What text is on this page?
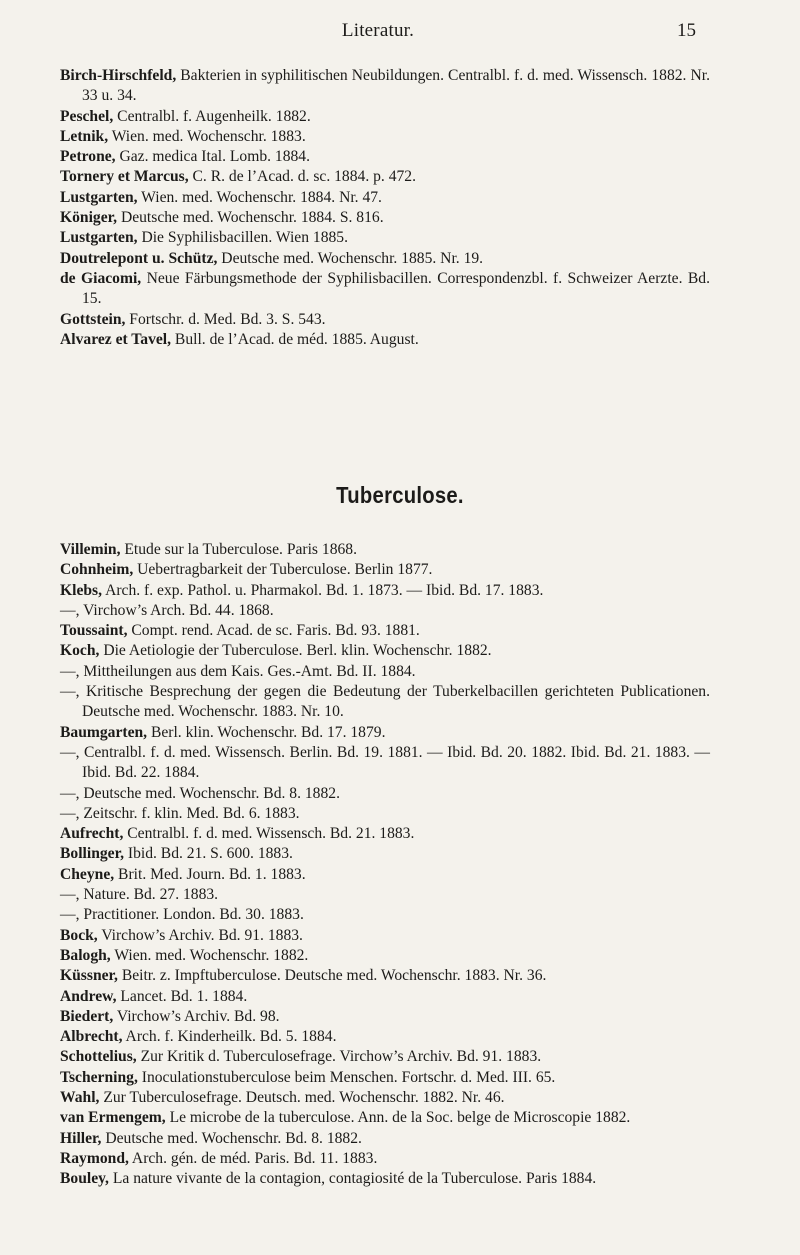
Literatur.	15
Birch-Hirschfeld, Bakterien in syphilitischen Neubildungen. Centralbl. f. d. med. Wissensch. 1882. Nr. 33 u. 34.
Peschel, Centralbl. f. Augenheilk. 1882.
Letnik, Wien. med. Wochenschr. 1883.
Petrone, Gaz. medica Ital. Lomb. 1884.
Tornery et Marcus, C. R. de l’Acad. d. sc. 1884. p. 472.
Lustgarten, Wien. med. Wochenschr. 1884. Nr. 47.
Königer, Deutsche med. Wochenschr. 1884. S. 816.
Lustgarten, Die Syphilisbacillen. Wien 1885.
Doutrelepont u. Schütz, Deutsche med. Wochenschr. 1885. Nr. 19.
de Giacomi, Neue Färbungsmethode der Syphilisbacillen. Correspondenzbl. f. Schweizer Aerzte. Bd. 15.
Gottstein, Fortschr. d. Med. Bd. 3. S. 543.
Alvarez et Tavel, Bull. de l’Acad. de méd. 1885. August.
Tuberculose.
Villemin, Etude sur la Tuberculose. Paris 1868.
Cohnheim, Uebertragbarkeit der Tuberculose. Berlin 1877.
Klebs, Arch. f. exp. Pathol. u. Pharmakol. Bd. 1. 1873. — Ibid. Bd. 17. 1883.
—, Virchow’s Arch. Bd. 44. 1868.
Toussaint, Compt. rend. Acad. de sc. Faris. Bd. 93. 1881.
Koch, Die Aetiologie der Tuberculose. Berl. klin. Wochenschr. 1882.
—, Mittheilungen aus dem Kais. Ges.-Amt. Bd. II. 1884.
—, Kritische Besprechung der gegen die Bedeutung der Tuberkelbacillen gerichteten Publicationen. Deutsche med. Wochenschr. 1883. Nr. 10.
Baumgarten, Berl. klin. Wochenschr. Bd. 17. 1879.
—, Centralbl. f. d. med. Wissensch. Berlin. Bd. 19. 1881. — Ibid. Bd. 20. 1882. Ibid. Bd. 21. 1883. — Ibid. Bd. 22. 1884.
—, Deutsche med. Wochenschr. Bd. 8. 1882.
—, Zeitschr. f. klin. Med. Bd. 6. 1883.
Aufrecht, Centralbl. f. d. med. Wissensch. Bd. 21. 1883.
Bollinger, Ibid. Bd. 21. S. 600. 1883.
Cheyne, Brit. Med. Journ. Bd. 1. 1883.
—, Nature. Bd. 27. 1883.
—, Practitioner. London. Bd. 30. 1883.
Bock, Virchow’s Archiv. Bd. 91. 1883.
Balogh, Wien. med. Wochenschr. 1882.
Küssner, Beitr. z. Impftuberculose. Deutsche med. Wochenschr. 1883. Nr. 36.
Andrew, Lancet. Bd. 1. 1884.
Biedert, Virchow’s Archiv. Bd. 98.
Albrecht, Arch. f. Kinderheilk. Bd. 5. 1884.
Schottelius, Zur Kritik d. Tuberculosefrage. Virchow’s Archiv. Bd. 91. 1883.
Tscherning, Inoculationstuberculose beim Menschen. Fortschr. d. Med. III. 65.
Wahl, Zur Tuberculosefrage. Deutsch. med. Wochenschr. 1882. Nr. 46.
van Ermengem, Le microbe de la tuberculose. Ann. de la Soc. belge de Microscopie 1882.
Hiller, Deutsche med. Wochenschr. Bd. 8. 1882.
Raymond, Arch. gén. de méd. Paris. Bd. 11. 1883.
Bouley, La nature vivante de la contagion, contagiosité de la Tuberculose. Paris 1884.
